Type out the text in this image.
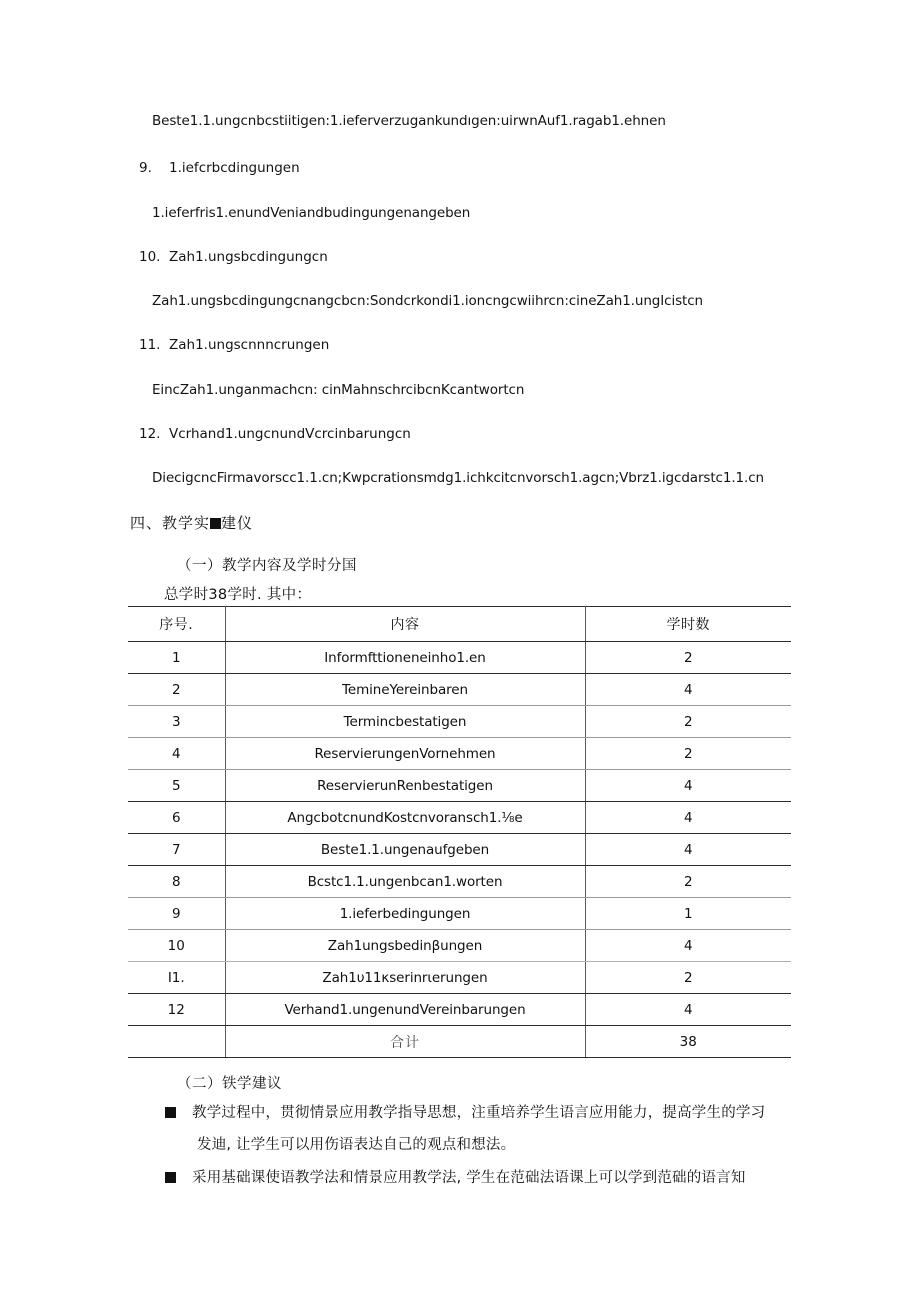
Beste1.1.ungcnbcstiitigen:1.ieferverzugankundıgen:uirwnAuf1.ragab1.ehnen
9. 1.iefcrbcdingungen
1.ieferfris1.enundVeniandbudingungenangeben
10. Zah1.ungsbcdingungcn
Zah1.ungsbcdingungcnangcbcn:Sondcrkondi1.ioncngcwiihrcn:cineZah1.ungIcistcn
11. Zah1.ungscnnncrungen
EincZah1.unganmachcn: cinMahnschrcibcnKcantwortcn
12. Vcrhand1.ungcnundVcrcinbarungcn
DiecigcncFirmavorscc1.1.cn;Kwpcrationsmdg1.ichkcitcnvorsch1.agcn;Vbrz1.igcdarstc1.1.cn
四、教学实 建仪
（一）教学内容及学时分国
总学时38学时. 其中：
序号.	内容	学时数
1	Informfttioneneinho1.en	2
2	TemineYereinbaren	4
3	Termincbestatigen	2
4	ReservierungenVornehmen	2
5	ReservierunRenbestatigen	4
6	AngcbotcnundKostcnvoransch1.⅛e	4
7	Beste1.1.ungenaufgeben	4
8	Bcstc1.1.ungenbcan1.worten	2
9	1.ieferbedingungen	1
10	Zah1ungsbedinβungen	4
I1.	Zah1υ11κserinrιerungen	2
12	Verhand1.ungenundVereinbarungen	4
	合计	38
（二）铁学建议
教学过程中，贯彻情景应用教学指导思想，注重培养学生语言应用能力，提高学生的学习
发迪, 让学生可以用伤语表达自己的观点和想法。
采用基础课使语教学法和情景应用教学法, 学生在范础法语课上可以学到范础的语言知
